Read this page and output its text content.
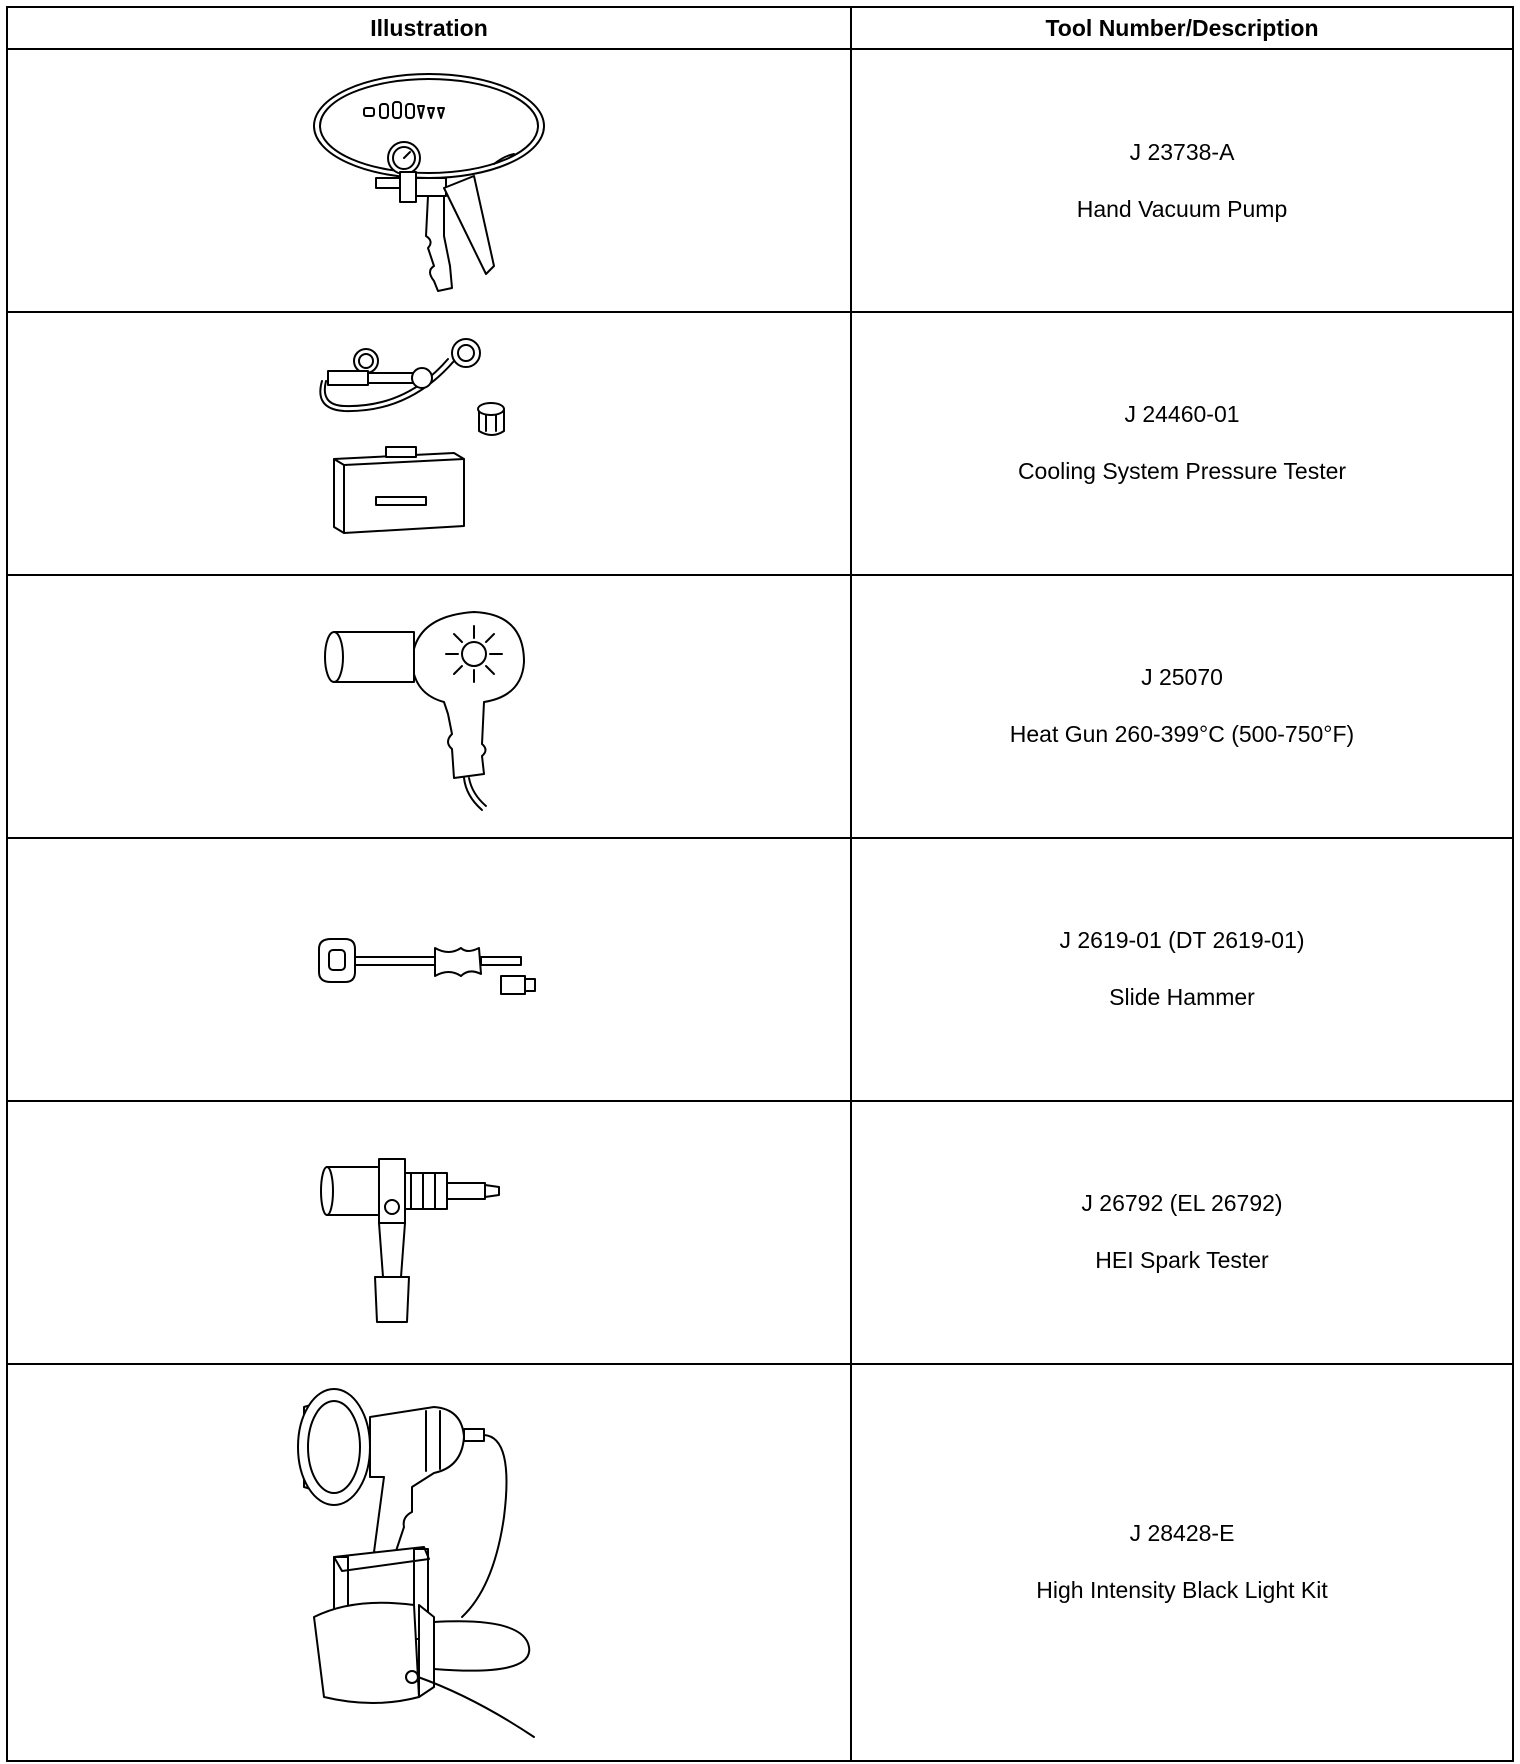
Illustration	Tool Number/Description

J 23738-A
Hand Vacuum Pump

J 24460-01
Cooling System Pressure Tester

J 25070
Heat Gun 260-399°C (500-750°F)

J 2619-01 (DT 2619-01)
Slide Hammer

J 26792 (EL 26792)
HEI Spark Tester

J 28428-E
High Intensity Black Light Kit
